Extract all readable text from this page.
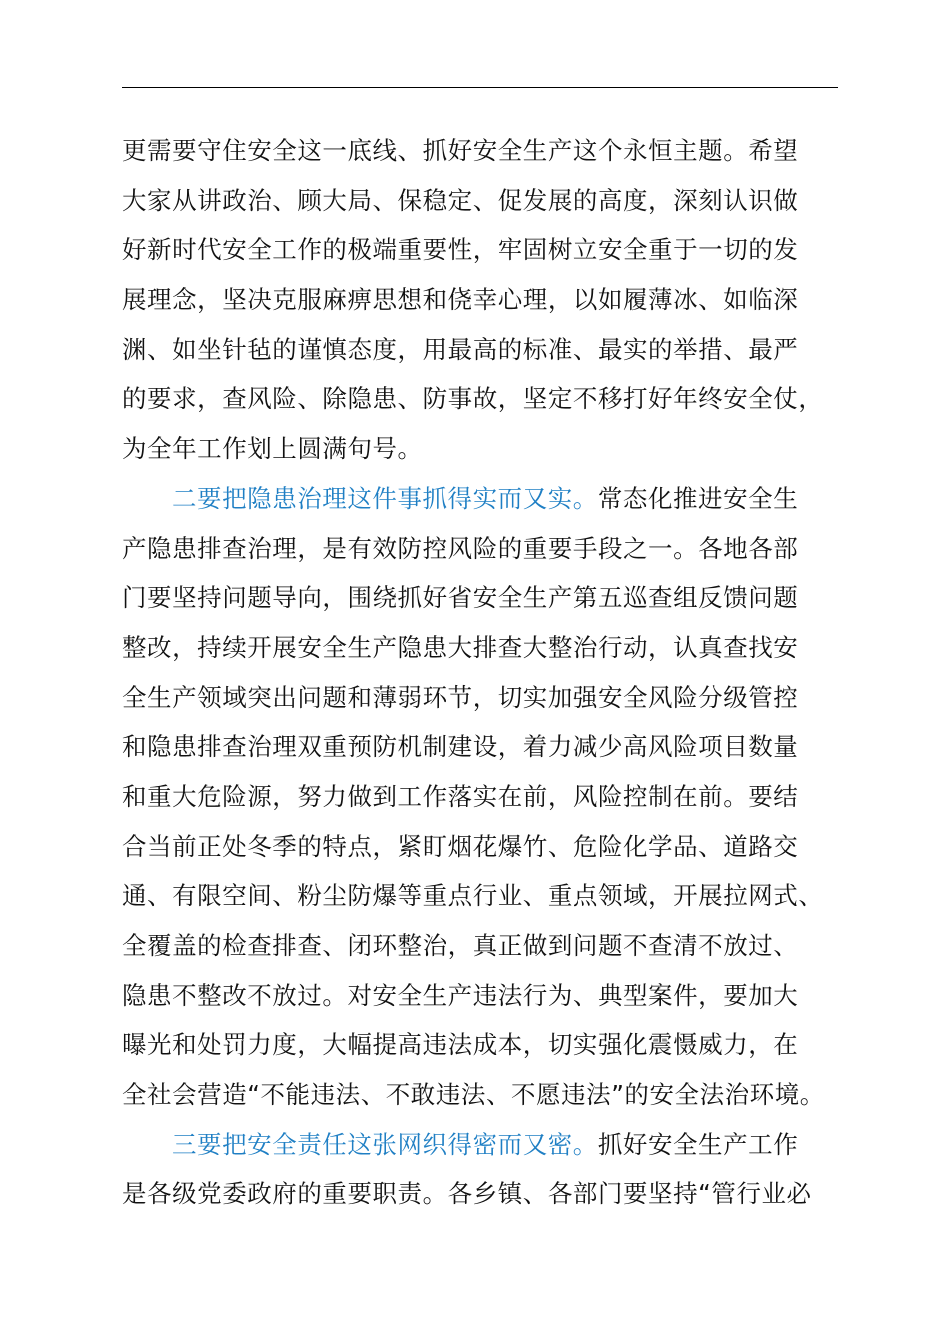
更需要守住安全这一底线、抓好安全生产这个永恒主题。希望
大家从讲政治、顾大局、保稳定、促发展的高度，深刻认识做
好新时代安全工作的极端重要性，牢固树立安全重于一切的发
展理念，坚决克服麻痹思想和侥幸心理，以如履薄冰、如临深
渊、如坐针毡的谨慎态度，用最高的标准、最实的举措、最严
的要求，查风险、除隐患、防事故，坚定不移打好年终安全仗，
为全年工作划上圆满句号。
二要把隐患治理这件事抓得实而又实。常态化推进安全生
产隐患排查治理，是有效防控风险的重要手段之一。各地各部
门要坚持问题导向，围绕抓好省安全生产第五巡查组反馈问题
整改，持续开展安全生产隐患大排查大整治行动，认真查找安
全生产领域突出问题和薄弱环节，切实加强安全风险分级管控
和隐患排查治理双重预防机制建设，着力减少高风险项目数量
和重大危险源，努力做到工作落实在前，风险控制在前。要结
合当前正处冬季的特点，紧盯烟花爆竹、危险化学品、道路交
通、有限空间、粉尘防爆等重点行业、重点领域，开展拉网式、
全覆盖的检查排查、闭环整治，真正做到问题不查清不放过、
隐患不整改不放过。对安全生产违法行为、典型案件，要加大
曝光和处罚力度，大幅提高违法成本，切实强化震慑威力，在
全社会营造“不能违法、不敢违法、不愿违法”的安全法治环境。
三要把安全责任这张网织得密而又密。抓好安全生产工作
是各级党委政府的重要职责。各乡镇、各部门要坚持“管行业必
